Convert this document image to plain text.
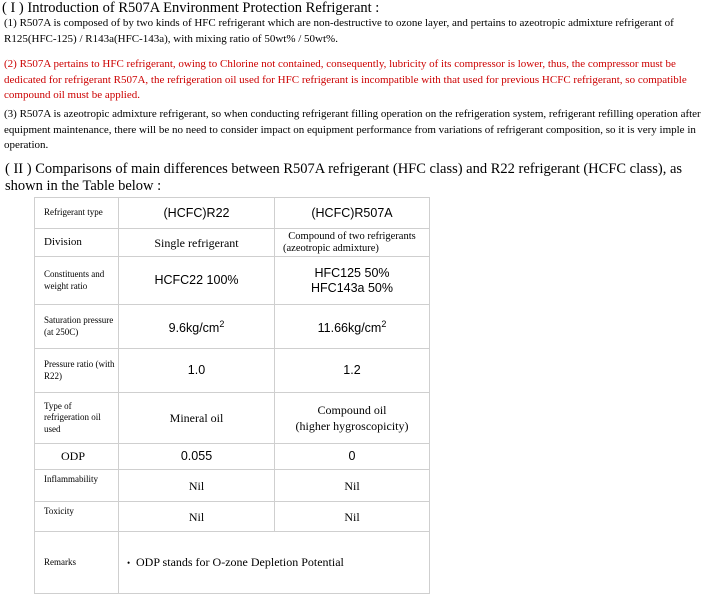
( I ) Introduction of R507A Environment Protection Refrigerant :
(1) R507A is composed of by two kinds of HFC refrigerant which are non-destructive to ozone layer, and pertains to azeotropic admixture refrigerant of R125(HFC-125) / R143a(HFC-143a), with mixing ratio of 50wt% / 50wt%.
(2) R507A pertains to HFC refrigerant, owing to Chlorine not contained, consequently, lubricity of its compressor is lower, thus, the compressor must be dedicated for refrigerant R507A, the refrigeration oil used for HFC refrigerant is incompatible with that used for previous HCFC refrigerant, so compatible compound oil must be applied.
(3) R507A is azeotropic admixture refrigerant, so when conducting refrigerant filling operation on the refrigeration system, refrigerant refilling operation after equipment maintenance, there will be no need to consider impact on equipment performance from variations of refrigerant composition, so it is very imple in operation.
( II ) Comparisons of main differences between R507A refrigerant (HFC class) and R22 refrigerant (HCFC class), as shown in the Table below :
Refrigerant type	(HCFC)R22	(HCFC)R507A
Division	Single refrigerant	Compound of two refrigerants
(azeotropic admixture)

Constituents and weight ratio	HCFC22 100%	HFC125 50%
HFC143a 50%

Saturation pressure (at 250C)	$9.6kg/cm^2$	$11.66kg/cm^2$
Pressure ratio (with R22)	1.0	1.2
Type of refrigeration oil used	Mineral oil	Compound oil
(higher hygroscopicity)

ODP	0.055	0
Inflammability	Nil	Nil
Toxicity	Nil	Nil
Remarks	• ODP stands for O-zone Depletion Potential	
